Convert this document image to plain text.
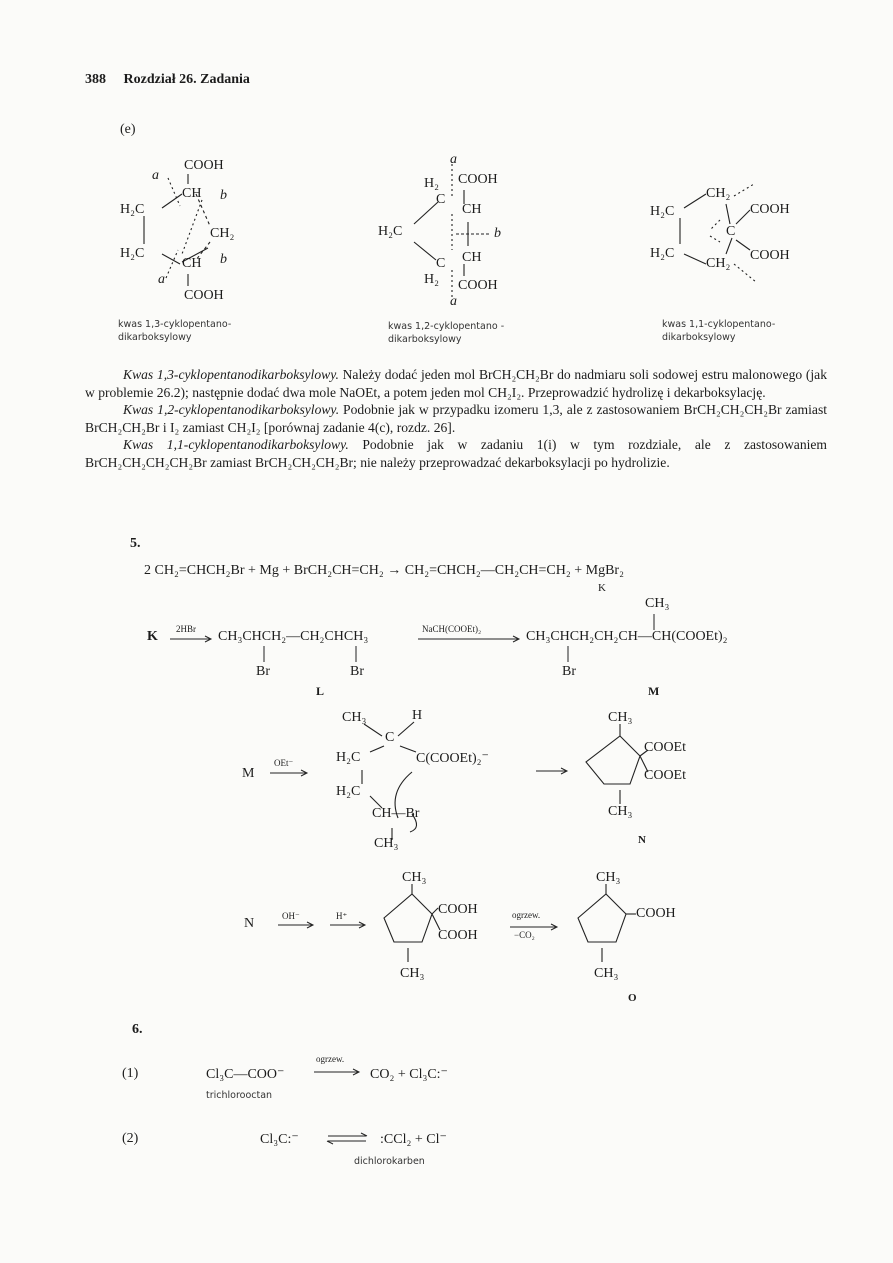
388 Rozdział 26. Zadania
(e)
COOH
a
CH b
H₂C
CH₂
H₂C
CH b
a
COOH
kwas 1,3-cyklopentano-
dikarboksylowy
a
H₂ COOH
C
CH
H₂C	b
CH
C
H₂ COOH
a
kwas 1,2-cyklopentano -
dikarboksylowy
H₂C
CH₂
COOH
C
H₂C	COOH
CH₂
kwas 1,1-cyklopentano-
dikarboksylowy

Kwas 1,3-cyklopentanodikarboksylowy. Należy dodać jeden mol BrCH₂CH₂Br do nadmiaru soli sodowej estru malonowego (jak w problemie 26.2); następnie dodać dwa mole NaOEt, a potem jeden mol CH₂I₂. Przeprowadzić hydrolizę i dekarboksylację.

Kwas 1,2-cyklopentanodikarboksylowy. Podobnie jak w przypadku izomeru 1,3, ale z zastosowaniem BrCH₂CH₂CH₂Br zamiast BrCH₂CH₂Br i I₂ zamiast CH₂I₂ [porównaj zadanie 4(c), rozdz. 26].

Kwas 1,1-cyklopentanodikarboksylowy. Podobnie jak w zadaniu 1(i) w tym rozdziale, ale z zastosowaniem BrCH₂CH₂CH₂CH₂Br zamiast BrCH₂CH₂CH₂Br; nie należy przeprowadzać dekarboksylacji po hydrolizie.

5.
2 CH₂=CHCH₂Br + Mg + BrCH₂CH=CH₂ → CH₂=CHCH₂—CH₂CH=CH₂ + MgBr₂
K
K 2HBr CH₃CHCH₂—CH₂CHCH₃
Br	Br
L
NaCH(COOEt)₂	CH₃CHCH₂CH₂CH—CH(COOEt)₂
CH₃
Br
M
M
OEt⁻
CH₃	H
C
H₂C	C(COOEt)₂⁻
H₂C
CH—Br
CH₃
CH₃
COOEt
COOEt
CH₃
N
N	OH⁻	H⁺
CH₃
COOH
COOH
CH₃
ogrzew.
−CO₂
CH₃
COOH
CH₃
O
6.
(1)	Cl₃C—COO⁻
ogrzew.
CO₂ + Cl₃C:⁻
trichlorooctan
(2)	Cl₃C:⁻	:CCl₂ + Cl⁻
dichlorokarben
